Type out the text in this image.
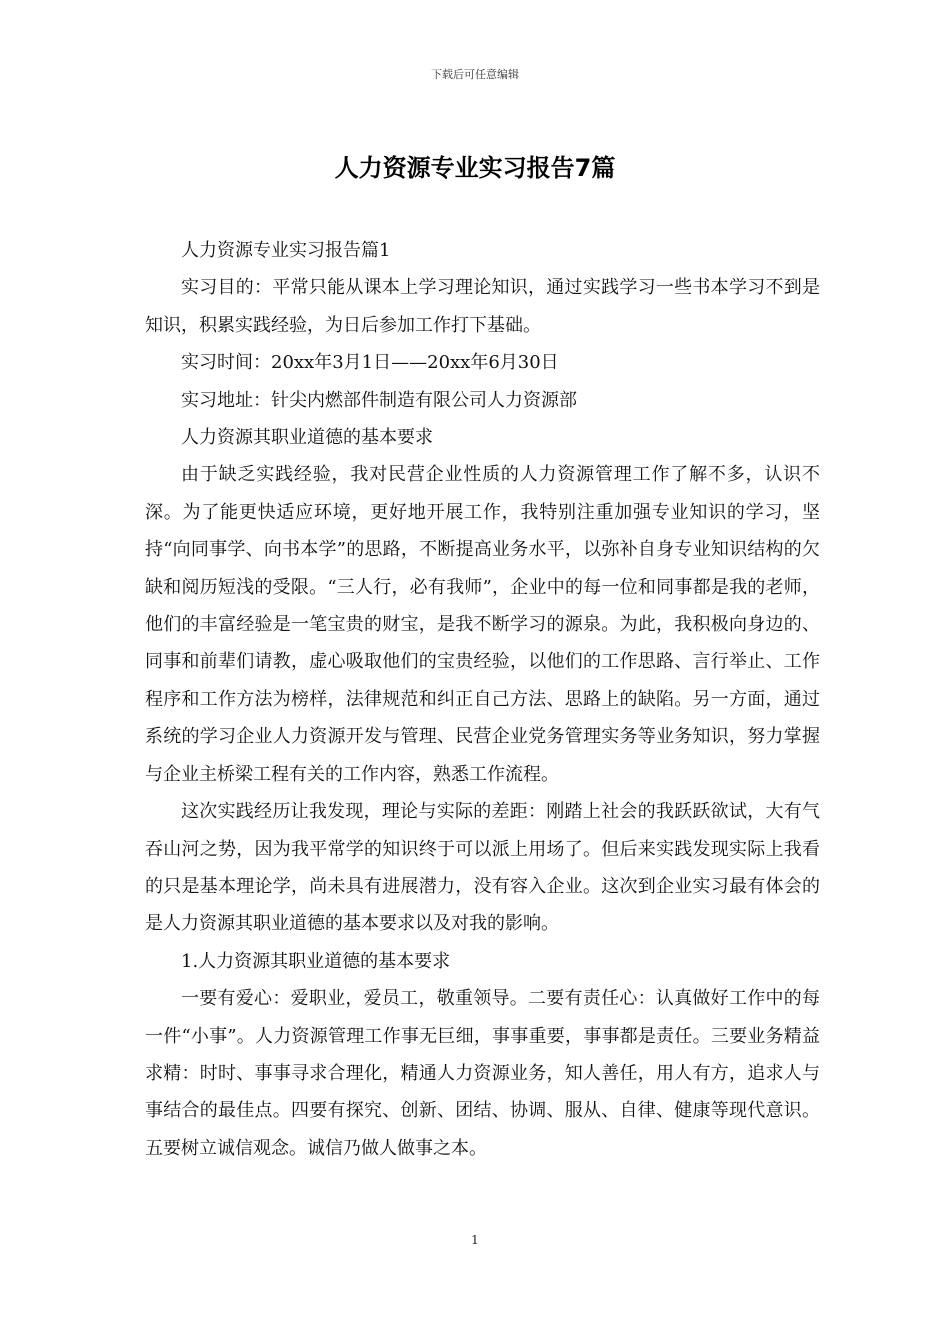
下载后可任意编辑
人力资源专业实习报告7篇

人力资源专业实习报告篇1

实习目的：平常只能从课本上学习理论知识，通过实践学习一些书本学习不到是知识，积累实践经验，为日后参加工作打下基础。

实习时间：20xx年3月1日——20xx年6月30日

实习地址：针尖内燃部件制造有限公司人力资源部

人力资源其职业道德的基本要求

由于缺乏实践经验，我对民营企业性质的人力资源管理工作了解不多，认识不深。为了能更快适应环境，更好地开展工作，我特别注重加强专业知识的学习，坚持“向同事学、向书本学”的思路，不断提高业务水平，以弥补自身专业知识结构的欠缺和阅历短浅的受限。“三人行，必有我师”，企业中的每一位和同事都是我的老师，他们的丰富经验是一笔宝贵的财宝，是我不断学习的源泉。为此，我积极向身边的、同事和前辈们请教，虚心吸取他们的宝贵经验，以他们的工作思路、言行举止、工作程序和工作方法为榜样，法律规范和纠正自己方法、思路上的缺陷。另一方面，通过系统的学习企业人力资源开发与管理、民营企业党务管理实务等业务知识，努力掌握与企业主桥梁工程有关的工作内容，熟悉工作流程。

这次实践经历让我发现，理论与实际的差距：刚踏上社会的我跃跃欲试，大有气吞山河之势，因为我平常学的知识终于可以派上用场了。但后来实践发现实际上我看的只是基本理论学，尚未具有进展潜力，没有容入企业。这次到企业实习最有体会的是人力资源其职业道德的基本要求以及对我的影响。

1.人力资源其职业道德的基本要求

一要有爱心：爱职业，爱员工，敬重领导。二要有责任心：认真做好工作中的每一件“小事”。人力资源管理工作事无巨细，事事重要，事事都是责任。三要业务精益求精：时时、事事寻求合理化，精通人力资源业务，知人善任，用人有方，追求人与事结合的最佳点。四要有探究、创新、团结、协调、服从、自律、健康等现代意识。五要树立诚信观念。诚信乃做人做事之本。

1
